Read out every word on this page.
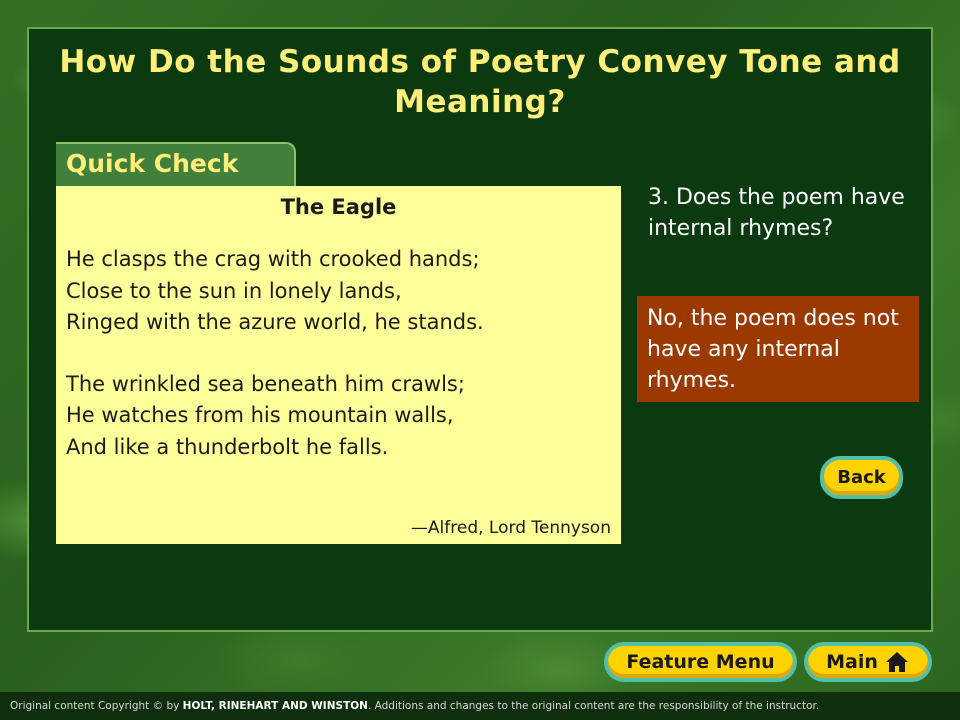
How Do the Sounds of Poetry Convey Tone and Meaning?
Quick Check
The Eagle
He clasps the crag with crooked hands;
Close to the sun in lonely lands,
Ringed with the azure world, he stands.
The wrinkled sea beneath him crawls;
He watches from his mountain walls,
And like a thunderbolt he falls.
—Alfred, Lord Tennyson
3. Does the poem have internal rhymes?
No, the poem does not have any internal rhymes.
Back
Feature Menu	Main
Original content Copyright © by HOLT, RINEHART AND WINSTON. Additions and changes to the original content are the responsibility of the instructor.
